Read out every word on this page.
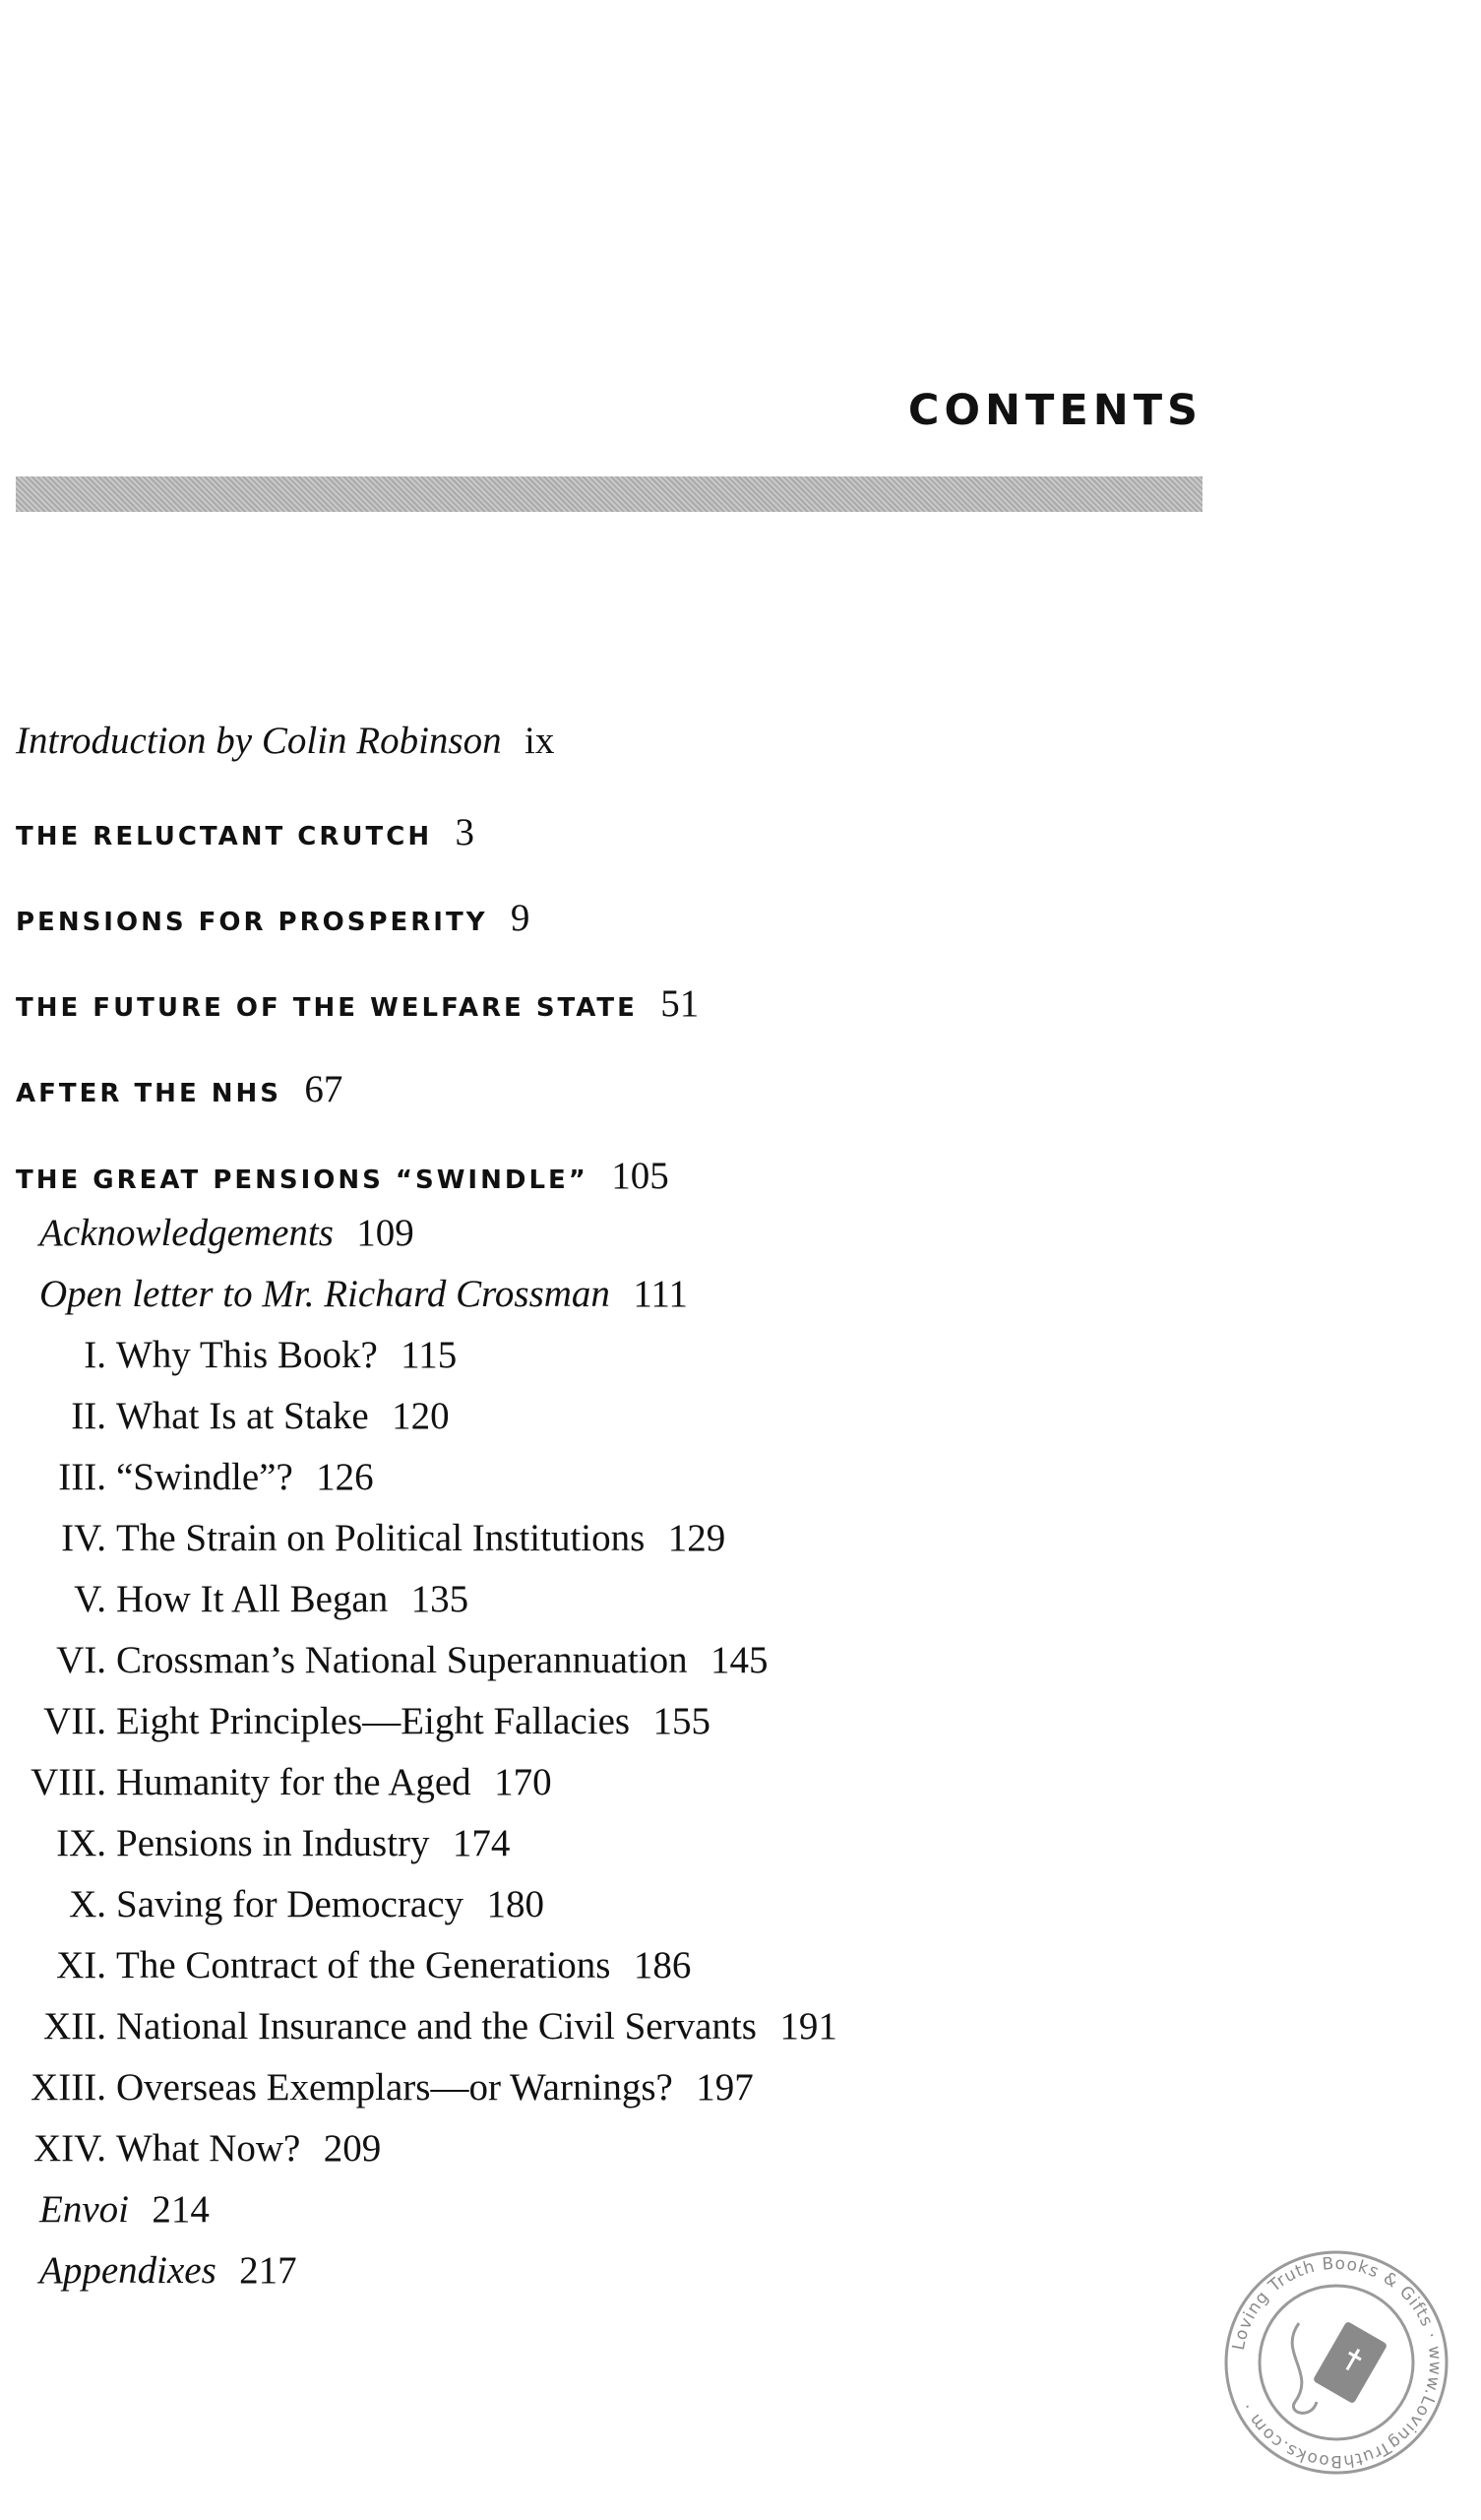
CONTENTS
Introduction by Colin Robinson ix
THE RELUCTANT CRUTCH 3
PENSIONS FOR PROSPERITY 9
THE FUTURE OF THE WELFARE STATE 51
AFTER THE NHS 67
THE GREAT PENSIONS “SWINDLE” 105
Acknowledgements 109
Open letter to Mr. Richard Crossman 111
I. Why This Book? 115
II. What Is at Stake 120
III. “Swindle”? 126
IV. The Strain on Political Institutions 129
V. How It All Began 135
VI. Crossman’s National Superannuation 145
VII. Eight Principles—Eight Fallacies 155
VIII. Humanity for the Aged 170
IX. Pensions in Industry 174
X. Saving for Democracy 180
XI. The Contract of the Generations 186
XII. National Insurance and the Civil Servants 191
XIII. Overseas Exemplars—or Warnings? 197
XIV. What Now? 209
Envoi 214
Appendixes 217
Loving Truth Books & Gifts · www.LovingTruthBooks.com ·
